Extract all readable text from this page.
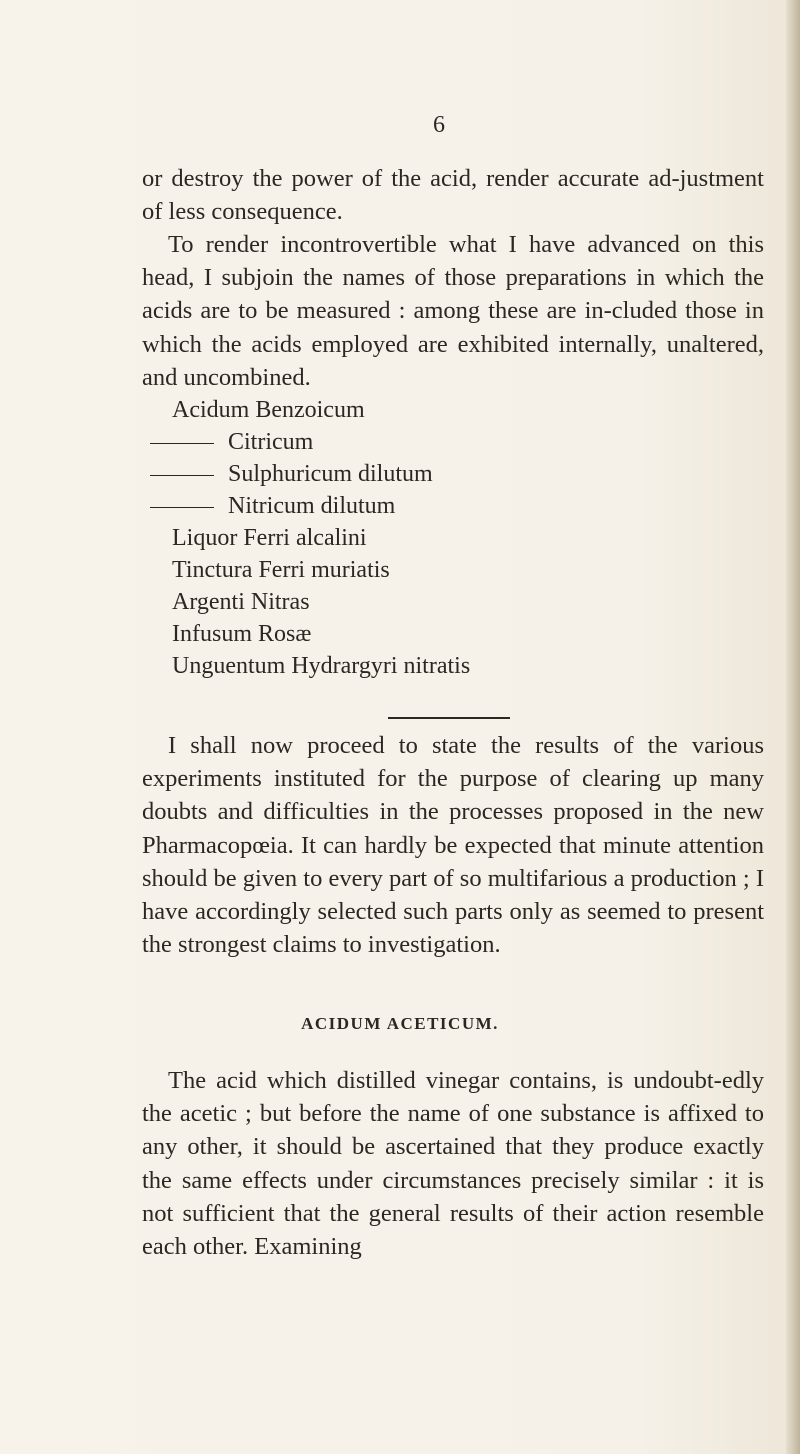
6

or destroy the power of the acid, render accurate ad-justment of less consequence.

To render incontrovertible what I have advanced on this head, I subjoin the names of those preparations in which the acids are to be measured : among these are in-cluded those in which the acids employed are exhibited internally, unaltered, and uncombined.

Acidum Benzoicum
Citricum
Sulphuricum dilutum
Nitricum dilutum
Liquor Ferri alcalini
Tinctura Ferri muriatis
Argenti Nitras
Infusum Rosæ
Unguentum Hydrargyri nitratis

I shall now proceed to state the results of the various experiments instituted for the purpose of clearing up many doubts and difficulties in the processes proposed in the new Pharmacopœia. It can hardly be expected that minute attention should be given to every part of so multifarious a production ; I have accordingly selected such parts only as seemed to present the strongest claims to investigation.

ACIDUM ACETICUM.

The acid which distilled vinegar contains, is undoubt-edly the acetic ; but before the name of one substance is affixed to any other, it should be ascertained that they produce exactly the same effects under circumstances precisely similar : it is not sufficient that the general results of their action resemble each other. Examining
